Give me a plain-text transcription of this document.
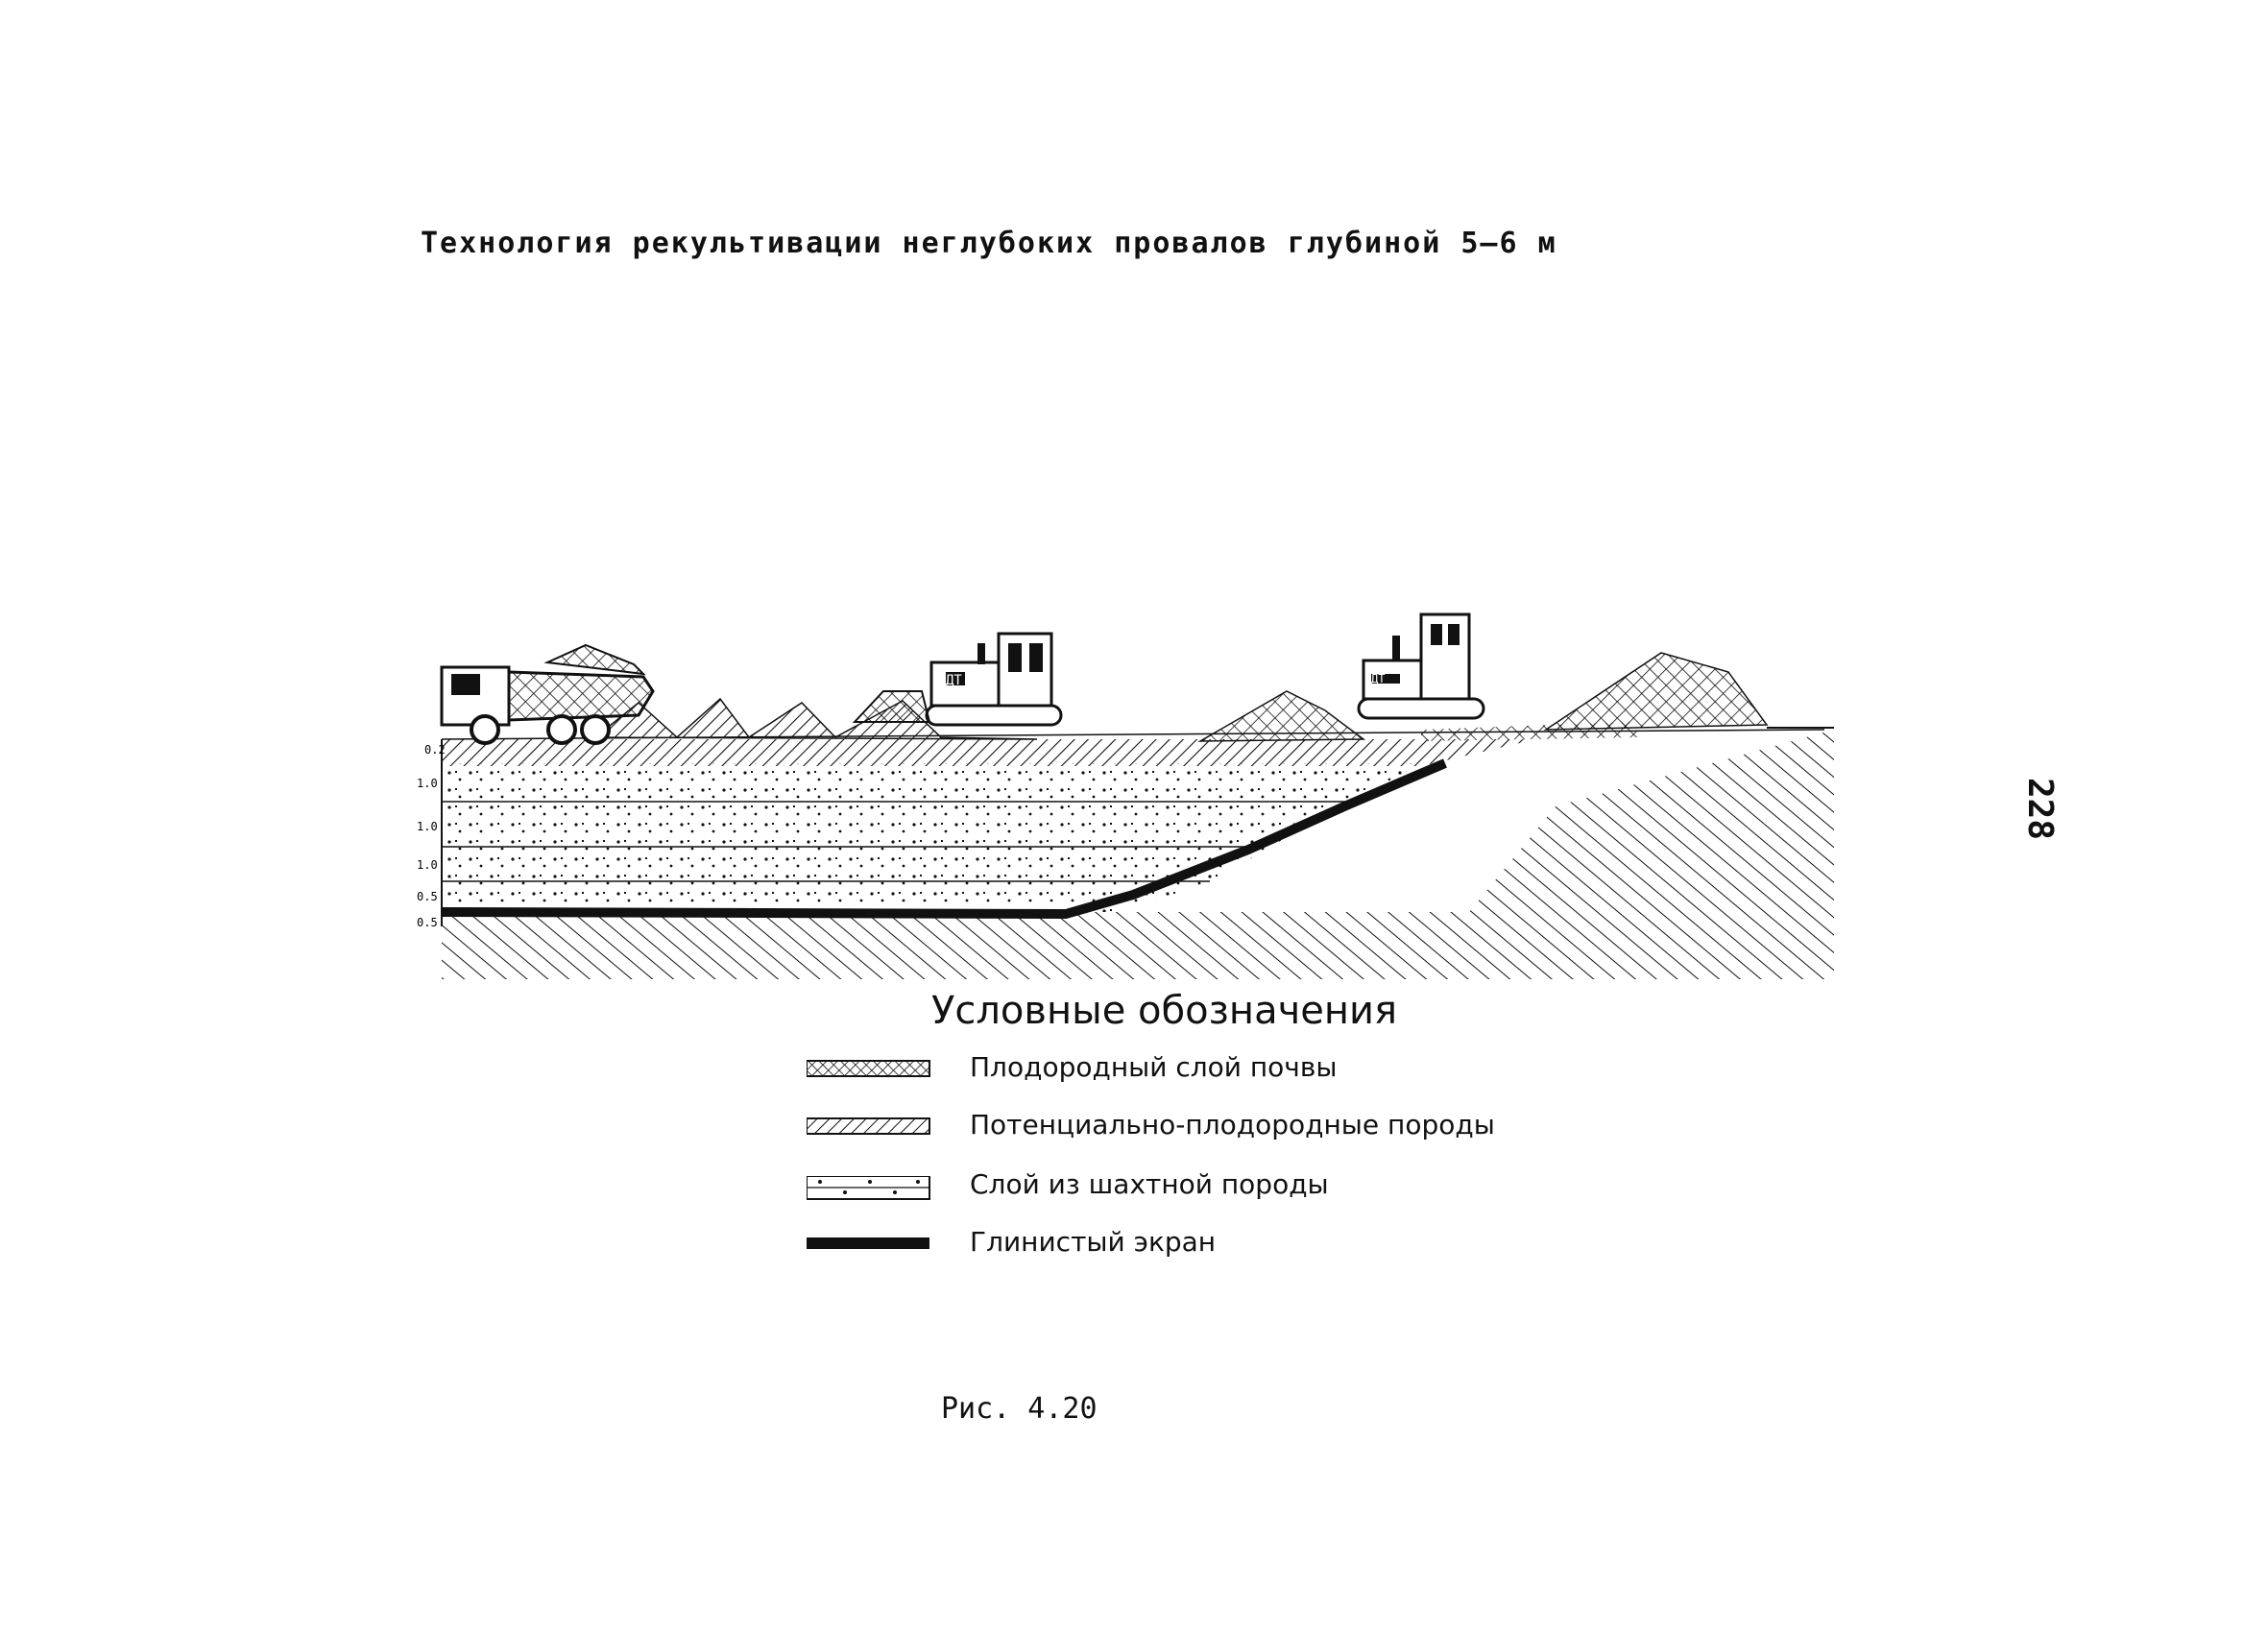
Технология рекультивации неглубоких провалов глубиной 5—6 м
228
0.2
1.0
1.0
1.0
0.5
0.5
ДТ	ДТ
Условные обозначения
Плодородный слой почвы
Потенциально-плодородные породы
Слой из шахтной породы
Глинистый экран
Рис. 4.20
